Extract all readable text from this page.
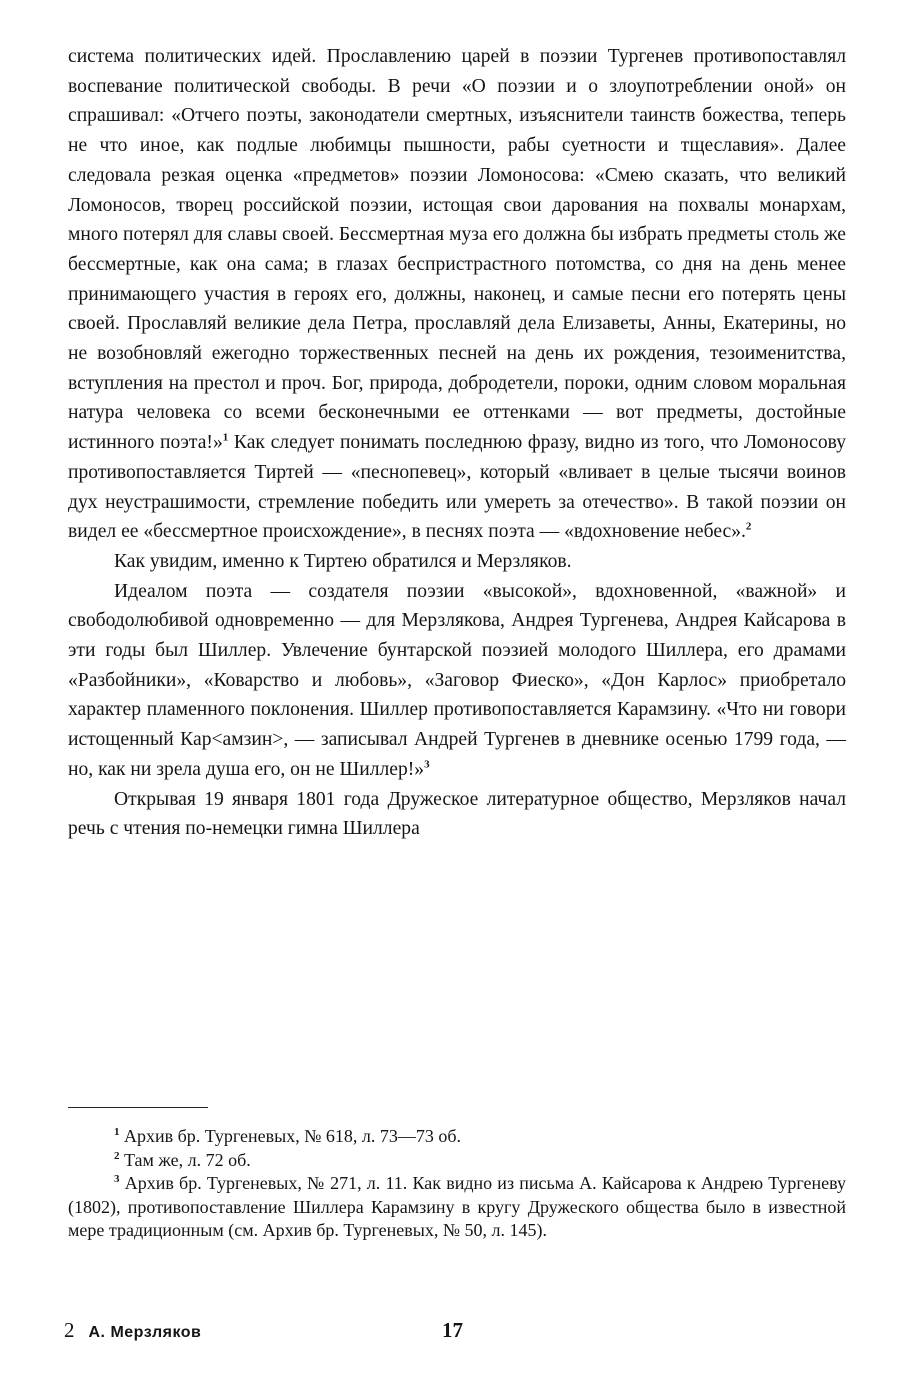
система политических идей. Прославлению царей в поэзии Тургенев противопоставлял воспевание политической свободы. В речи «О поэзии и о злоупотреблении оной» он спрашивал: «Отчего поэты, законодатели смертных, изъяснители таинств божества, теперь не что иное, как подлые любимцы пышности, рабы суетности и тщеславия». Далее следовала резкая оценка «предметов» поэзии Ломоносова: «Смею сказать, что великий Ломоносов, творец российской поэзии, истощая свои дарования на похвалы монархам, много потерял для славы своей. Бессмертная муза его должна бы избрать предметы столь же бессмертные, как она сама; в глазах беспристрастного потомства, со дня на день менее принимающего участия в героях его, должны, наконец, и самые песни его потерять цены своей. Прославляй великие дела Петра, прославляй дела Елизаветы, Анны, Екатерины, но не возобновляй ежегодно торжественных песней на день их рождения, тезоименитства, вступления на престол и проч. Бог, природа, добродетели, пороки, одним словом моральная натура человека со всеми бесконечными ее оттенками — вот предметы, достойные истинного поэта!»$^1$ Как следует понимать последнюю фразу, видно из того, что Ломоносову противопоставляется Тиртей — «песнопевец», который «вливает в целые тысячи воинов дух неустрашимости, стремление победить или умереть за отечество». В такой поэзии он видел ее «бессмертное происхождение», в песнях поэта — «вдохновение небес».$^2$

Как увидим, именно к Тиртею обратился и Мерзляков.

Идеалом поэта — создателя поэзии «высокой», вдохновенной, «важной» и свободолюбивой одновременно — для Мерзлякова, Андрея Тургенева, Андрея Кайсарова в эти годы был Шиллер. Увлечение бунтарской поэзией молодого Шиллера, его драмами «Разбойники», «Коварство и любовь», «Заговор Фиеско», «Дон Карлос» приобретало характер пламенного поклонения. Шиллер противопоставляется Карамзину. «Что ни говори истощенный Кар<амзин>, — записывал Андрей Тургенев в дневнике осенью 1799 года, — но, как ни зрела душа его, он не Шиллер!»$^3$

Открывая 19 января 1801 года Дружеское литературное общество, Мерзляков начал речь с чтения по-немецки гимна Шиллера

$^1$ Архив бр. Тургеневых, № 618, л. 73—73 об.

$^2$ Там же, л. 72 об.

$^3$ Архив бр. Тургеневых, № 271, л. 11. Как видно из письма А. Кайсарова к Андрею Тургеневу (1802), противопоставление Шиллера Карамзину в кругу Дружеского общества было в известной мере традиционным (см. Архив бр. Тургеневых, № 50, л. 145).

2 А. Мерзляков	17
